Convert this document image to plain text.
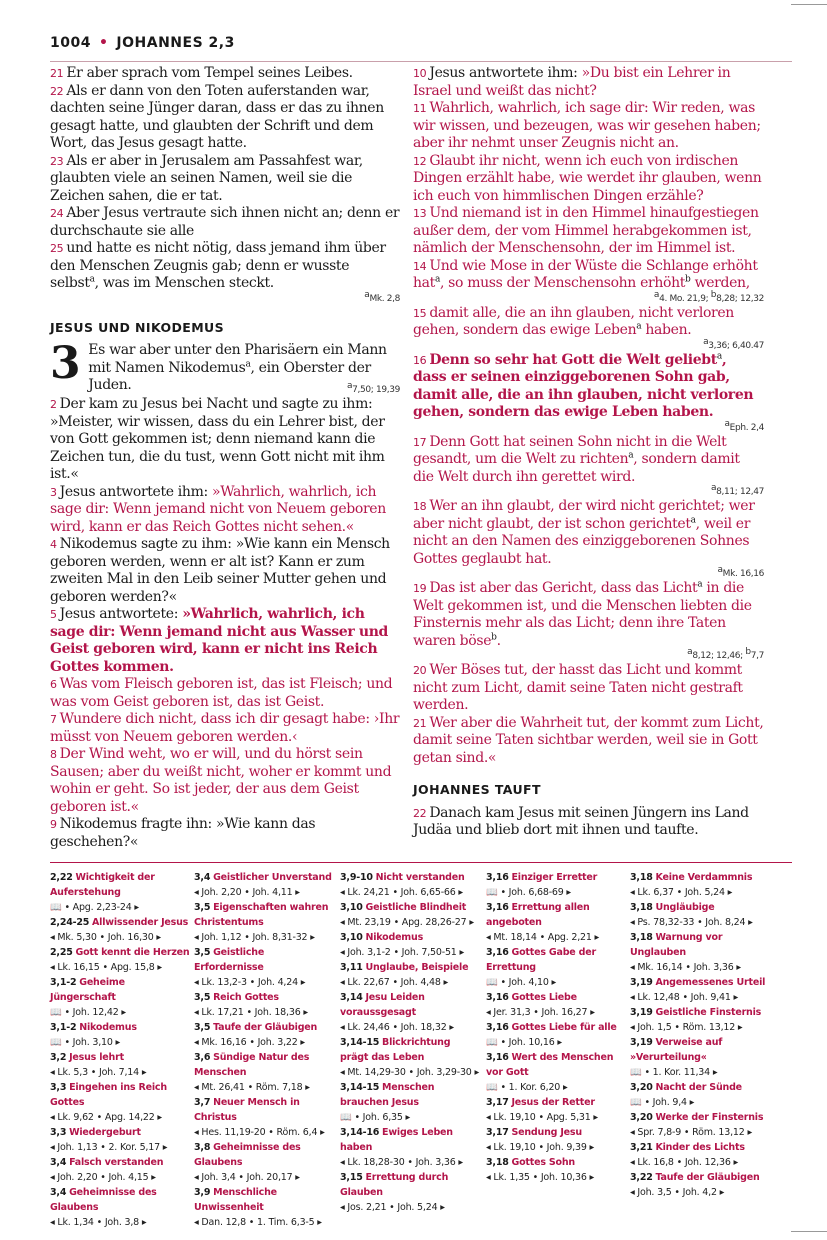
1004 • JOHANNES 2,3

21 Er aber sprach vom Tempel seines Leibes.

22 Als er dann von den Toten auferstanden war, dachten seine Jünger daran, dass er das zu ihnen gesagt hatte, und glaubten der Schrift und dem Wort, das Jesus gesagt hatte.

23 Als er aber in Jerusalem am Passahfest war, glaubten viele an seinen Namen, weil sie die Zeichen sahen, die er tat.

24 Aber Jesus vertraute sich ihnen nicht an; denn er durchschaute sie alle

25 und hatte es nicht nötig, dass jemand ihm über den Menschen Zeugnis gab; denn er wusste selbst$^a$, was im Menschen steckt.

$^a$Mk. 2,8
JESUS UND NIKODEMUS

3 Es war aber unter den Pharisäern ein Mann mit Namen Nikodemus$^a$, ein Oberster der Juden.	$^a$7,50; 19,39

2 Der kam zu Jesus bei Nacht und sagte zu ihm: »Meister, wir wissen, dass du ein Lehrer bist, der von Gott gekommen ist; denn niemand kann die Zeichen tun, die du tust, wenn Gott nicht mit ihm ist.«

3 Jesus antwortete ihm: »Wahrlich, wahrlich, ich sage dir: Wenn jemand nicht von Neuem geboren wird, kann er das Reich Gottes nicht sehen.«

4 Nikodemus sagte zu ihm: »Wie kann ein Mensch geboren werden, wenn er alt ist? Kann er zum zweiten Mal in den Leib seiner Mutter gehen und geboren werden?«

5 Jesus antwortete: »Wahrlich, wahrlich, ich sage dir: Wenn jemand nicht aus Wasser und Geist geboren wird, kann er nicht ins Reich Gottes kommen.

6 Was vom Fleisch geboren ist, das ist Fleisch; und was vom Geist geboren ist, das ist Geist.

7 Wundere dich nicht, dass ich dir gesagt habe: ›Ihr müsst von Neuem geboren werden.‹

8 Der Wind weht, wo er will, und du hörst sein Sausen; aber du weißt nicht, woher er kommt und wohin er geht. So ist jeder, der aus dem Geist geboren ist.«

9 Nikodemus fragte ihn: »Wie kann das geschehen?«

10 Jesus antwortete ihm: »Du bist ein Lehrer in Israel und weißt das nicht?

11 Wahrlich, wahrlich, ich sage dir: Wir reden, was wir wissen, und bezeugen, was wir gesehen haben; aber ihr nehmt unser Zeugnis nicht an.

12 Glaubt ihr nicht, wenn ich euch von irdischen Dingen erzählt habe, wie werdet ihr glauben, wenn ich euch von himmlischen Dingen erzähle?

13 Und niemand ist in den Himmel hinaufgestiegen außer dem, der vom Himmel herabgekommen ist, nämlich der Menschensohn, der im Himmel ist.

14 Und wie Mose in der Wüste die Schlange erhöht hat$^a$, so muss der Menschensohn erhöht$^b$ werden,

$^a$4. Mo. 21,9; $^b$8,28; 12,32

15 damit alle, die an ihn glauben, nicht verloren gehen, sondern das ewige Leben$^a$ haben.

$^a$3,36; 6,40.47

16 Denn so sehr hat Gott die Welt geliebt$^a$, dass er seinen einziggeborenen Sohn gab, damit alle, die an ihn glauben, nicht verloren gehen, sondern das ewige Leben haben.

$^a$Eph. 2,4

17 Denn Gott hat seinen Sohn nicht in die Welt gesandt, um die Welt zu richten$^a$, sondern damit die Welt durch ihn gerettet wird.

$^a$8,11; 12,47

18 Wer an ihn glaubt, der wird nicht gerichtet; wer aber nicht glaubt, der ist schon gerichtet$^a$, weil er nicht an den Namen des einziggeborenen Sohnes Gottes geglaubt hat.

$^a$Mk. 16,16

19 Das ist aber das Gericht, dass das Licht$^a$ in die Welt gekommen ist, und die Menschen liebten die Finsternis mehr als das Licht; denn ihre Taten waren böse$^b$.

$^a$8,12; 12,46; $^b$7,7

20 Wer Böses tut, der hasst das Licht und kommt nicht zum Licht, damit seine Taten nicht gestraft werden.

21 Wer aber die Wahrheit tut, der kommt zum Licht, damit seine Taten sichtbar werden, weil sie in Gott getan sind.«

JOHANNES TAUFT

22 Danach kam Jesus mit seinen Jüngern ins Land Judäa und blieb dort mit ihnen und taufte.

2,22 Wichtigkeit der Auferstehung
📖 • Apg. 2,23-24 ▸
2,24-25 Allwissender Jesus
◂ Mk. 5,30 • Joh. 16,30 ▸
2,25 Gott kennt die Herzen
◂ Lk. 16,15 • Apg. 15,8 ▸
3,1-2 Geheime Jüngerschaft
📖 • Joh. 12,42 ▸
3,1-2 Nikodemus
📖 • Joh. 3,10 ▸
3,2 Jesus lehrt
◂ Lk. 5,3 • Joh. 7,14 ▸
3,3 Eingehen ins Reich Gottes
◂ Lk. 9,62 • Apg. 14,22 ▸
3,3 Wiedergeburt
◂ Joh. 1,13 • 2. Kor. 5,17 ▸
3,4 Falsch verstanden
◂ Joh. 2,20 • Joh. 4,15 ▸
3,4 Geheimnisse des Glaubens
◂ Lk. 1,34 • Joh. 3,8 ▸
3,4 Geistlicher Unverstand
◂ Joh. 2,20 • Joh. 4,11 ▸
3,5 Eigenschaften wahren Christentums
◂ Joh. 1,12 • Joh. 8,31-32 ▸
3,5 Geistliche Erfordernisse
◂ Lk. 13,2-3 • Joh. 4,24 ▸
3,5 Reich Gottes
◂ Lk. 17,21 • Joh. 18,36 ▸
3,5 Taufe der Gläubigen
◂ Mk. 16,16 • Joh. 3,22 ▸
3,6 Sündige Natur des Menschen
◂ Mt. 26,41 • Röm. 7,18 ▸
3,7 Neuer Mensch in Christus
◂ Hes. 11,19-20 • Röm. 6,4 ▸
3,8 Geheimnisse des Glaubens
◂ Joh. 3,4 • Joh. 20,17 ▸
3,9 Menschliche Unwissenheit
◂ Dan. 12,8 • 1. Tim. 6,3-5 ▸
3,9-10 Nicht verstanden
◂ Lk. 24,21 • Joh. 6,65-66 ▸
3,10 Geistliche Blindheit
◂ Mt. 23,19 • Apg. 28,26-27 ▸
3,10 Nikodemus
◂ Joh. 3,1-2 • Joh. 7,50-51 ▸
3,11 Unglaube, Beispiele
◂ Lk. 22,67 • Joh. 4,48 ▸
3,14 Jesu Leiden voraussgesagt
◂ Lk. 24,46 • Joh. 18,32 ▸
3,14-15 Blickrichtung prägt das Leben
◂ Mt. 14,29-30 • Joh. 3,29-30 ▸
3,14-15 Menschen brauchen Jesus
📖 • Joh. 6,35 ▸
3,14-16 Ewiges Leben haben
◂ Lk. 18,28-30 • Joh. 3,36 ▸
3,15 Errettung durch Glauben
◂ Jos. 2,21 • Joh. 5,24 ▸
3,16 Einziger Erretter
📖 • Joh. 6,68-69 ▸
3,16 Errettung allen angeboten
◂ Mt. 18,14 • Apg. 2,21 ▸
3,16 Gottes Gabe der Errettung
📖 • Joh. 4,10 ▸
3,16 Gottes Liebe
◂ Jer. 31,3 • Joh. 16,27 ▸
3,16 Gottes Liebe für alle
📖 • Joh. 10,16 ▸
3,16 Wert des Menschen vor Gott
📖 • 1. Kor. 6,20 ▸
3,17 Jesus der Retter
◂ Lk. 19,10 • Apg. 5,31 ▸
3,17 Sendung Jesu
◂ Lk. 19,10 • Joh. 9,39 ▸
3,18 Gottes Sohn
◂ Lk. 1,35 • Joh. 10,36 ▸
3,18 Keine Verdammnis
◂ Lk. 6,37 • Joh. 5,24 ▸
3,18 Ungläubige
◂ Ps. 78,32-33 • Joh. 8,24 ▸
3,18 Warnung vor Unglauben
◂ Mk. 16,14 • Joh. 3,36 ▸
3,19 Angemessenes Urteil
◂ Lk. 12,48 • Joh. 9,41 ▸
3,19 Geistliche Finsternis
◂ Joh. 1,5 • Röm. 13,12 ▸
3,19 Verweise auf »Verurteilung«
📖 • 1. Kor. 11,34 ▸
3,20 Nacht der Sünde
📖 • Joh. 9,4 ▸
3,20 Werke der Finsternis
◂ Spr. 7,8-9 • Röm. 13,12 ▸
3,21 Kinder des Lichts
◂ Lk. 16,8 • Joh. 12,36 ▸
3,22 Taufe der Gläubigen
◂ Joh. 3,5 • Joh. 4,2 ▸
